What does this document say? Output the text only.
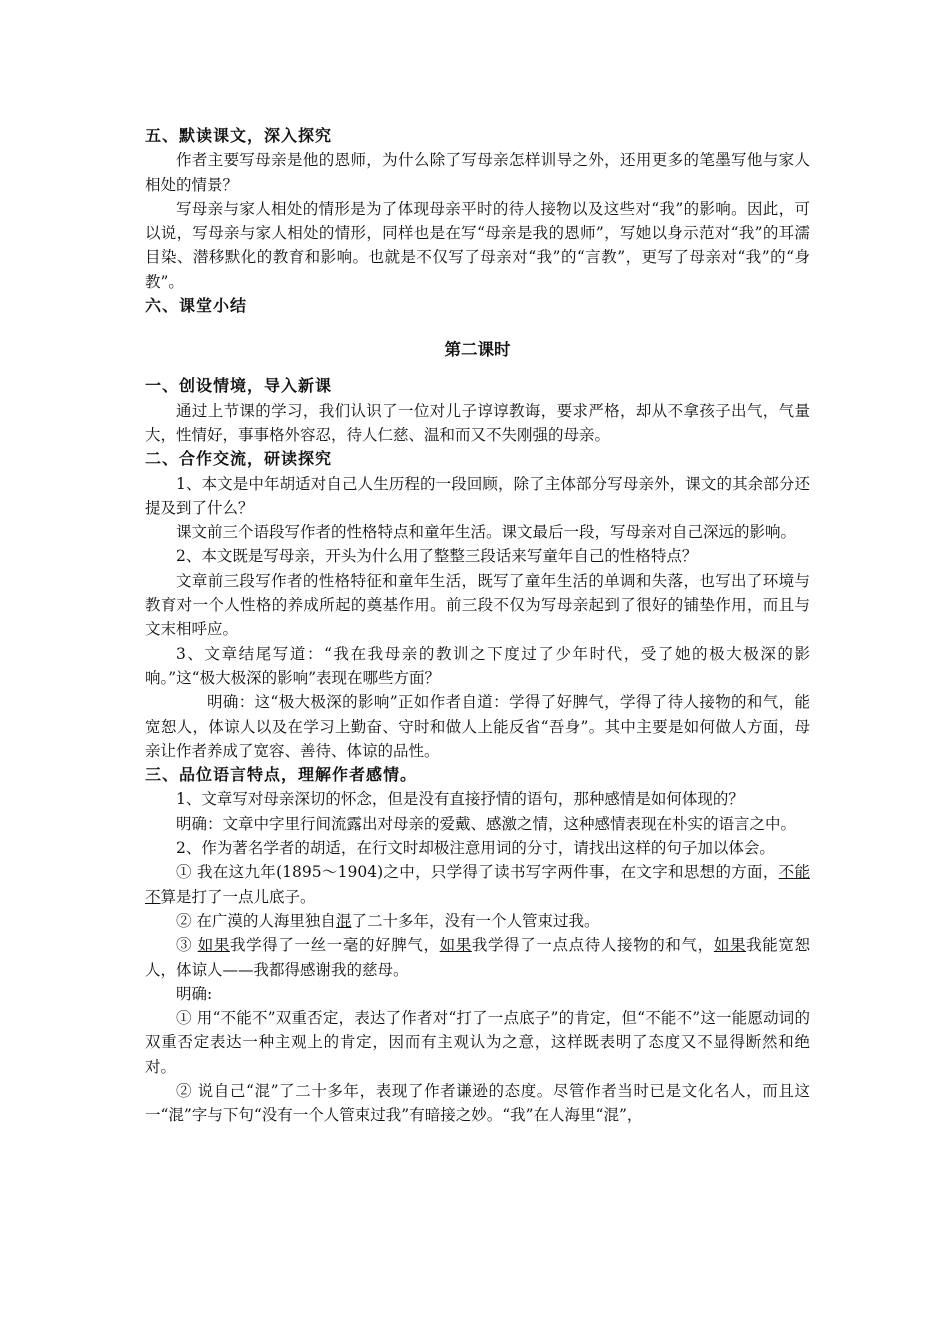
五、默读课文，深入探究

作者主要写母亲是他的恩师，为什么除了写母亲怎样训导之外，还用更多的笔墨写他与家人相处的情景？

写母亲与家人相处的情形是为了体现母亲平时的待人接物以及这些对“我”的影响。因此，可以说，写母亲与家人相处的情形，同样也是在写“母亲是我的恩师”，写她以身示范对“我”的耳濡目染、潜移默化的教育和影响。也就是不仅写了母亲对“我”的“言教”，更写了母亲对“我”的“身教”。

六、课堂小结
第二课时
一、创设情境，导入新课

通过上节课的学习，我们认识了一位对儿子谆谆教诲，要求严格，却从不拿孩子出气，气量大，性情好，事事格外容忍，待人仁慈、温和而又不失刚强的母亲。

二、合作交流，研读探究

1、本文是中年胡适对自己人生历程的一段回顾，除了主体部分写母亲外，课文的其余部分还提及到了什么？

课文前三个语段写作者的性格特点和童年生活。课文最后一段，写母亲对自己深远的影响。

2、本文既是写母亲，开头为什么用了整整三段话来写童年自己的性格特点？

文章前三段写作者的性格特征和童年生活，既写了童年生活的单调和失落，也写出了环境与教育对一个人性格的养成所起的奠基作用。前三段不仅为写母亲起到了很好的铺垫作用，而且与文末相呼应。

3、文章结尾写道：“我在我母亲的教训之下度过了少年时代，受了她的极大极深的影响。”这“极大极深的影响”表现在哪些方面？

明确：这“极大极深的影响”正如作者自道：学得了好脾气，学得了待人接物的和气，能宽恕人，体谅人以及在学习上勤奋、守时和做人上能反省“吾身”。其中主要是如何做人方面，母亲让作者养成了宽容、善待、体谅的品性。

三、品位语言特点，理解作者感情。

1、文章写对母亲深切的怀念，但是没有直接抒情的语句，那种感情是如何体现的？

明确：文章中字里行间流露出对母亲的爱戴、感激之情，这种感情表现在朴实的语言之中。

2、作为著名学者的胡适，在行文时却极注意用词的分寸，请找出这样的句子加以体会。

① 我在这九年(1895～1904)之中，只学得了读书写字两件事，在文字和思想的方面，不能不算是打了一点儿底子。

② 在广漠的人海里独自混了二十多年，没有一个人管束过我。

③ 如果我学得了一丝一毫的好脾气，如果我学得了一点点待人接物的和气，如果我能宽恕人，体谅人——我都得感谢我的慈母。

明确:

① 用“不能不”双重否定，表达了作者对“打了一点底子”的肯定，但“不能不”这一能愿动词的双重否定表达一种主观上的肯定，因而有主观认为之意，这样既表明了态度又不显得断然和绝对。

② 说自己“混”了二十多年，表现了作者谦逊的态度。尽管作者当时已是文化名人，而且这一“混”字与下句“没有一个人管束过我”有暗接之妙。“我”在人海里“混”，
